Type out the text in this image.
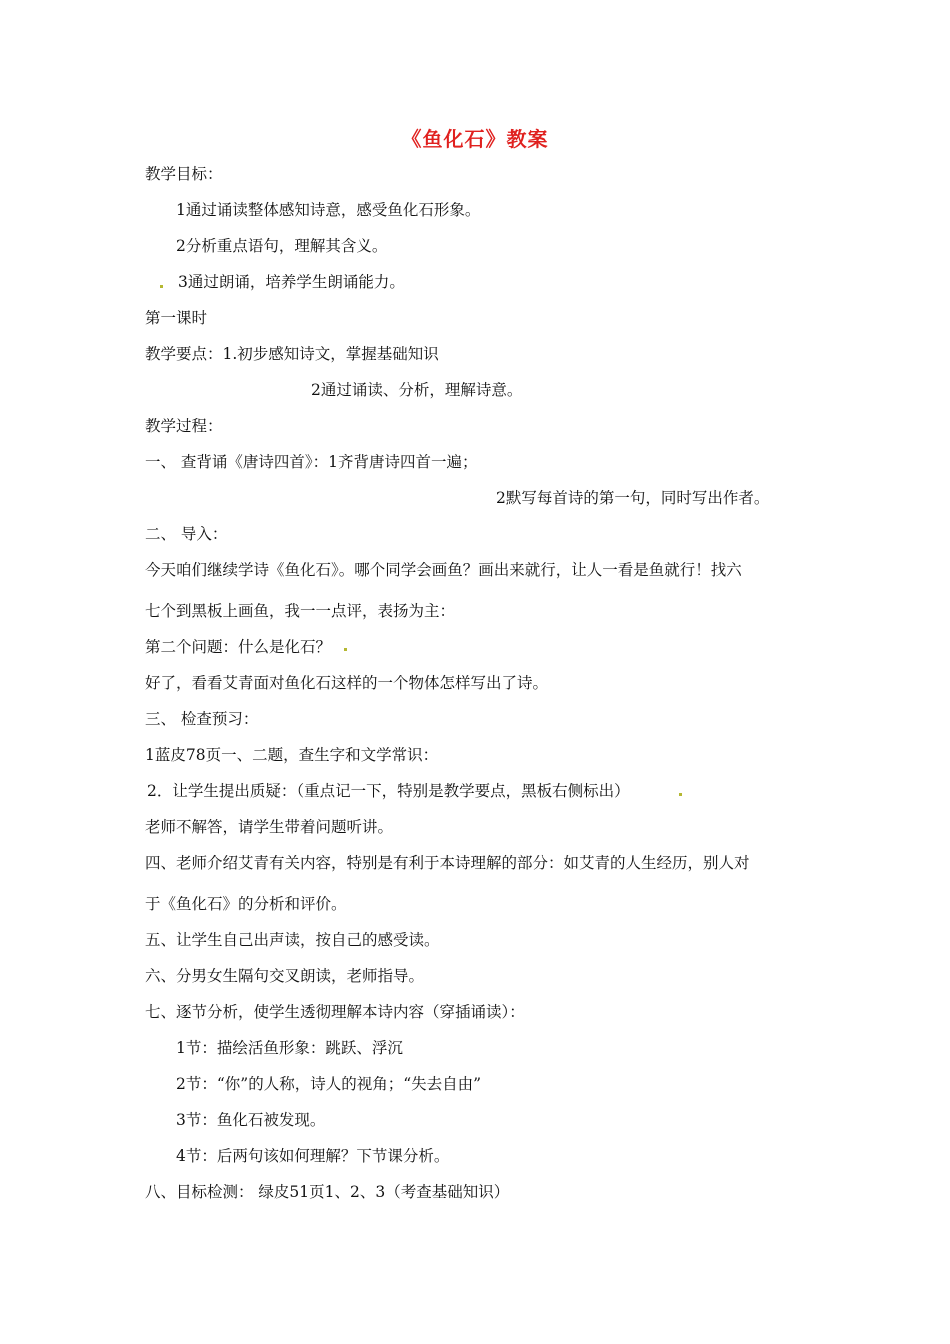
《鱼化石》教案
教学目标：
1通过诵读整体感知诗意，感受鱼化石形象。
2分析重点语句，理解其含义。
3通过朗诵，培养学生朗诵能力。
第一课时
教学要点：1.初步感知诗文，掌握基础知识
2通过诵读、分析，理解诗意。
教学过程：
一、 查背诵《唐诗四首》：1齐背唐诗四首一遍；
2默写每首诗的第一句，同时写出作者。
二、 导入：
今天咱们继续学诗《鱼化石》。哪个同学会画鱼？画出来就行，让人一看是鱼就行！找六
七个到黑板上画鱼，我一一点评，表扬为主：
第二个问题：什么是化石？
好了，看看艾青面对鱼化石这样的一个物体怎样写出了诗。
三、 检查预习：
1蓝皮78页一、二题，查生字和文学常识：
2．让学生提出质疑：（重点记一下，特别是教学要点，黑板右侧标出）
老师不解答，请学生带着问题听讲。
四、老师介绍艾青有关内容，特别是有利于本诗理解的部分：如艾青的人生经历，别人对
于《鱼化石》的分析和评价。
五、让学生自己出声读，按自己的感受读。
六、分男女生隔句交叉朗读，老师指导。
七、逐节分析，使学生透彻理解本诗内容（穿插诵读）：
1节：描绘活鱼形象：跳跃、浮沉
2节：“你”的人称，诗人的视角；“失去自由”
3节：鱼化石被发现。
4节：后两句该如何理解？下节课分析。
八、目标检测： 绿皮51页1、2、3（考查基础知识）
